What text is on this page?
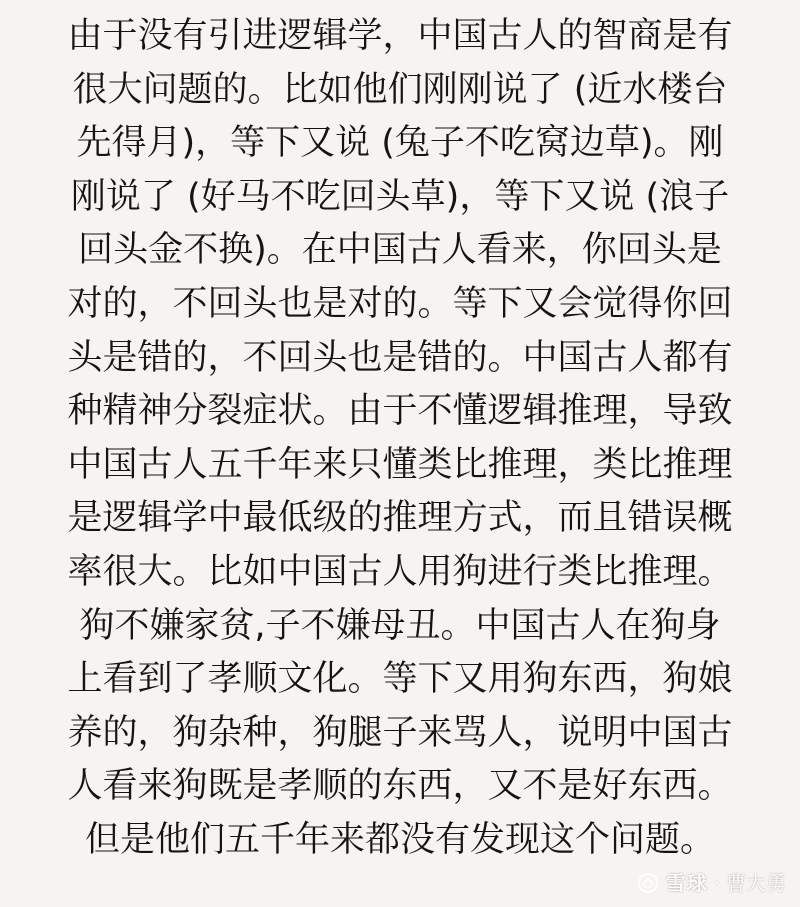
由于没有引进逻辑学，中国古人的智商是有
很大问题的。比如他们刚刚说了 (近水楼台
先得月)，等下又说 (兔子不吃窝边草)。刚
刚说了 (好马不吃回头草)，等下又说 (浪子
回头金不换)。在中国古人看来，你回头是
对的，不回头也是对的。等下又会觉得你回
头是错的，不回头也是错的。中国古人都有
种精神分裂症状。由于不懂逻辑推理，导致
中国古人五千年来只懂类比推理，类比推理
是逻辑学中最低级的推理方式，而且错误概
率很大。比如中国古人用狗进行类比推理。
狗不嫌家贫,子不嫌母丑。中国古人在狗身
上看到了孝顺文化。等下又用狗东西，狗娘
养的，狗杂种，狗腿子来骂人，说明中国古
人看来狗既是孝顺的东西，又不是好东西。
但是他们五千年来都没有发现这个问题。
雪球 · 曹大勇
